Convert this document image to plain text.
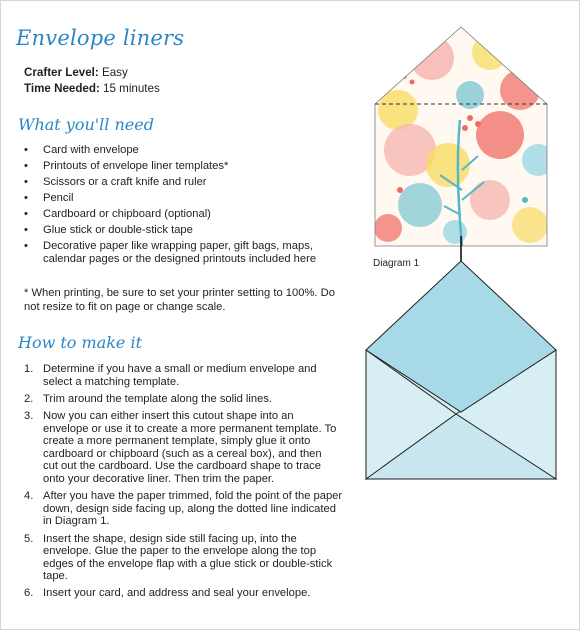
Envelope liners
Crafter Level: Easy
Time Needed: 15 minutes
What you'll need
• Card with envelope
• Printouts of envelope liner templates*
• Scissors or a craft knife and ruler
• Pencil
• Cardboard or chipboard (optional)
• Glue stick or double-stick tape
• Decorative paper like wrapping paper, gift bags, maps, calendar pages or the designed printouts included here
* When printing, be sure to set your printer setting to 100%. Do not resize to fit on page or change scale.
How to make it
1. Determine if you have a small or medium envelope and select a matching template.
2. Trim around the template along the solid lines.
3. Now you can either insert this cutout shape into an envelope or use it to create a more permanent template. To create a more permanent template, simply glue it onto cardboard or chipboard (such as a cereal box), and then cut out the cardboard. Use the cardboard shape to trace onto your decorative liner. Then trim the paper.
4. After you have the paper trimmed, fold the point of the paper down, design side facing up, along the dotted line indicated in Diagram 1.
5. Insert the shape, design side still facing up, into the envelope. Glue the paper to the envelope along the top edges of the envelope flap with a glue stick or double-stick tape.
6. Insert your card, and address and seal your envelope.
Diagram 1
